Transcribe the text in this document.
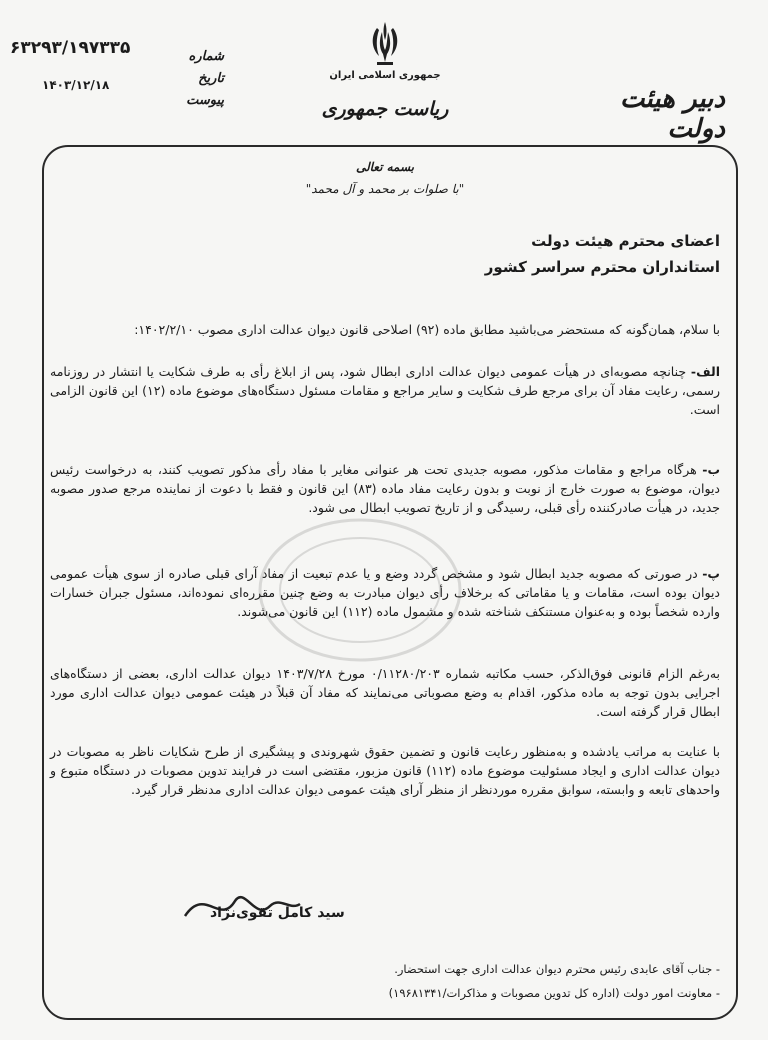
۶۳۲۹۳/۱۹۷۳۳۵
۱۴۰۳/۱۲/۱۸
شماره
تاریخ
پیوست
جمهوری اسلامی ایران
ریاست جمهوری	دبیر هیئت دولت
بسمه تعالی
"با صلوات بر محمد و آل محمد"
اعضای محترم هیئت دولت
استانداران محترم سراسر کشور
با سلام، همان‌گونه که مستحضر می‌باشید مطابق ماده (۹۲) اصلاحی قانون دیوان عدالت اداری مصوب ۱۴۰۲/۲/۱۰:
الف- چنانچه مصوبه‌ای در هیأت عمومی دیوان عدالت اداری ابطال شود، پس از ابلاغ رأی به طرف شکایت یا انتشار در روزنامه رسمی، رعایت مفاد آن برای مرجع طرف شکایت و سایر مراجع و مقامات مسئول دستگاه‌های موضوع ماده (۱۲) این قانون الزامی است.
ب- هرگاه مراجع و مقامات مذکور، مصوبه جدیدی تحت هر عنوانی مغایر با مفاد رأی مذکور تصویب کنند، به درخواست رئیس دیوان، موضوع به صورت خارج از نوبت و بدون رعایت مفاد ماده (۸۳) این قانون و فقط با دعوت از نماینده مرجع صدور مصوبه جدید، در هیأت صادرکننده رأی قبلی، رسیدگی و از تاریخ تصویب ابطال می شود.
پ- در صورتی که مصوبه جدید ابطال شود و مشخص گردد وضع و یا عدم تبعیت از مفاد آرای قبلی صادره از سوی هیأت عمومی دیوان بوده است، مقامات و یا مقاماتی که برخلاف رأی دیوان مبادرت به وضع چنین مقرره‌ای نموده‌اند، مسئول جبران خسارات وارده شخصاً بوده و به‌عنوان مستنکف شناخته شده و مشمول ماده (۱۱۲) این قانون می‌شوند.
به‌رغم الزام قانونی فوق‌الذکر، حسب مکاتبه شماره ۰/۱۱۲۸۰/۲۰۳ مورخ ۱۴۰۳/۷/۲۸ دیوان عدالت اداری، بعضی از دستگاه‌های اجرایی بدون توجه به ماده مذکور، اقدام به وضع مصوباتی می‌نمایند که مفاد آن قبلاً در هیئت عمومی دیوان عدالت اداری مورد ابطال قرار گرفته است.
با عنایت به مراتب یادشده و به‌منظور رعایت قانون و تضمین حقوق شهروندی و پیشگیری از طرح شکایات ناظر به مصوبات در دیوان عدالت اداری و ایجاد مسئولیت موضوع ماده (۱۱۲) قانون مزبور، مقتضی است در فرایند تدوین مصوبات در دستگاه متبوع و واحدهای تابعه و وابسته، سوابق مقرره موردنظر از منظر آرای هیئت عمومی دیوان عدالت اداری مدنظر قرار گیرد.
سید کامل تقوی‌نژاد
- جناب آقای عابدی رئیس محترم دیوان عدالت اداری جهت استحضار.
- معاونت امور دولت (اداره کل تدوین مصوبات و مذاکرات/۱۹۶۸۱۳۴۱)
